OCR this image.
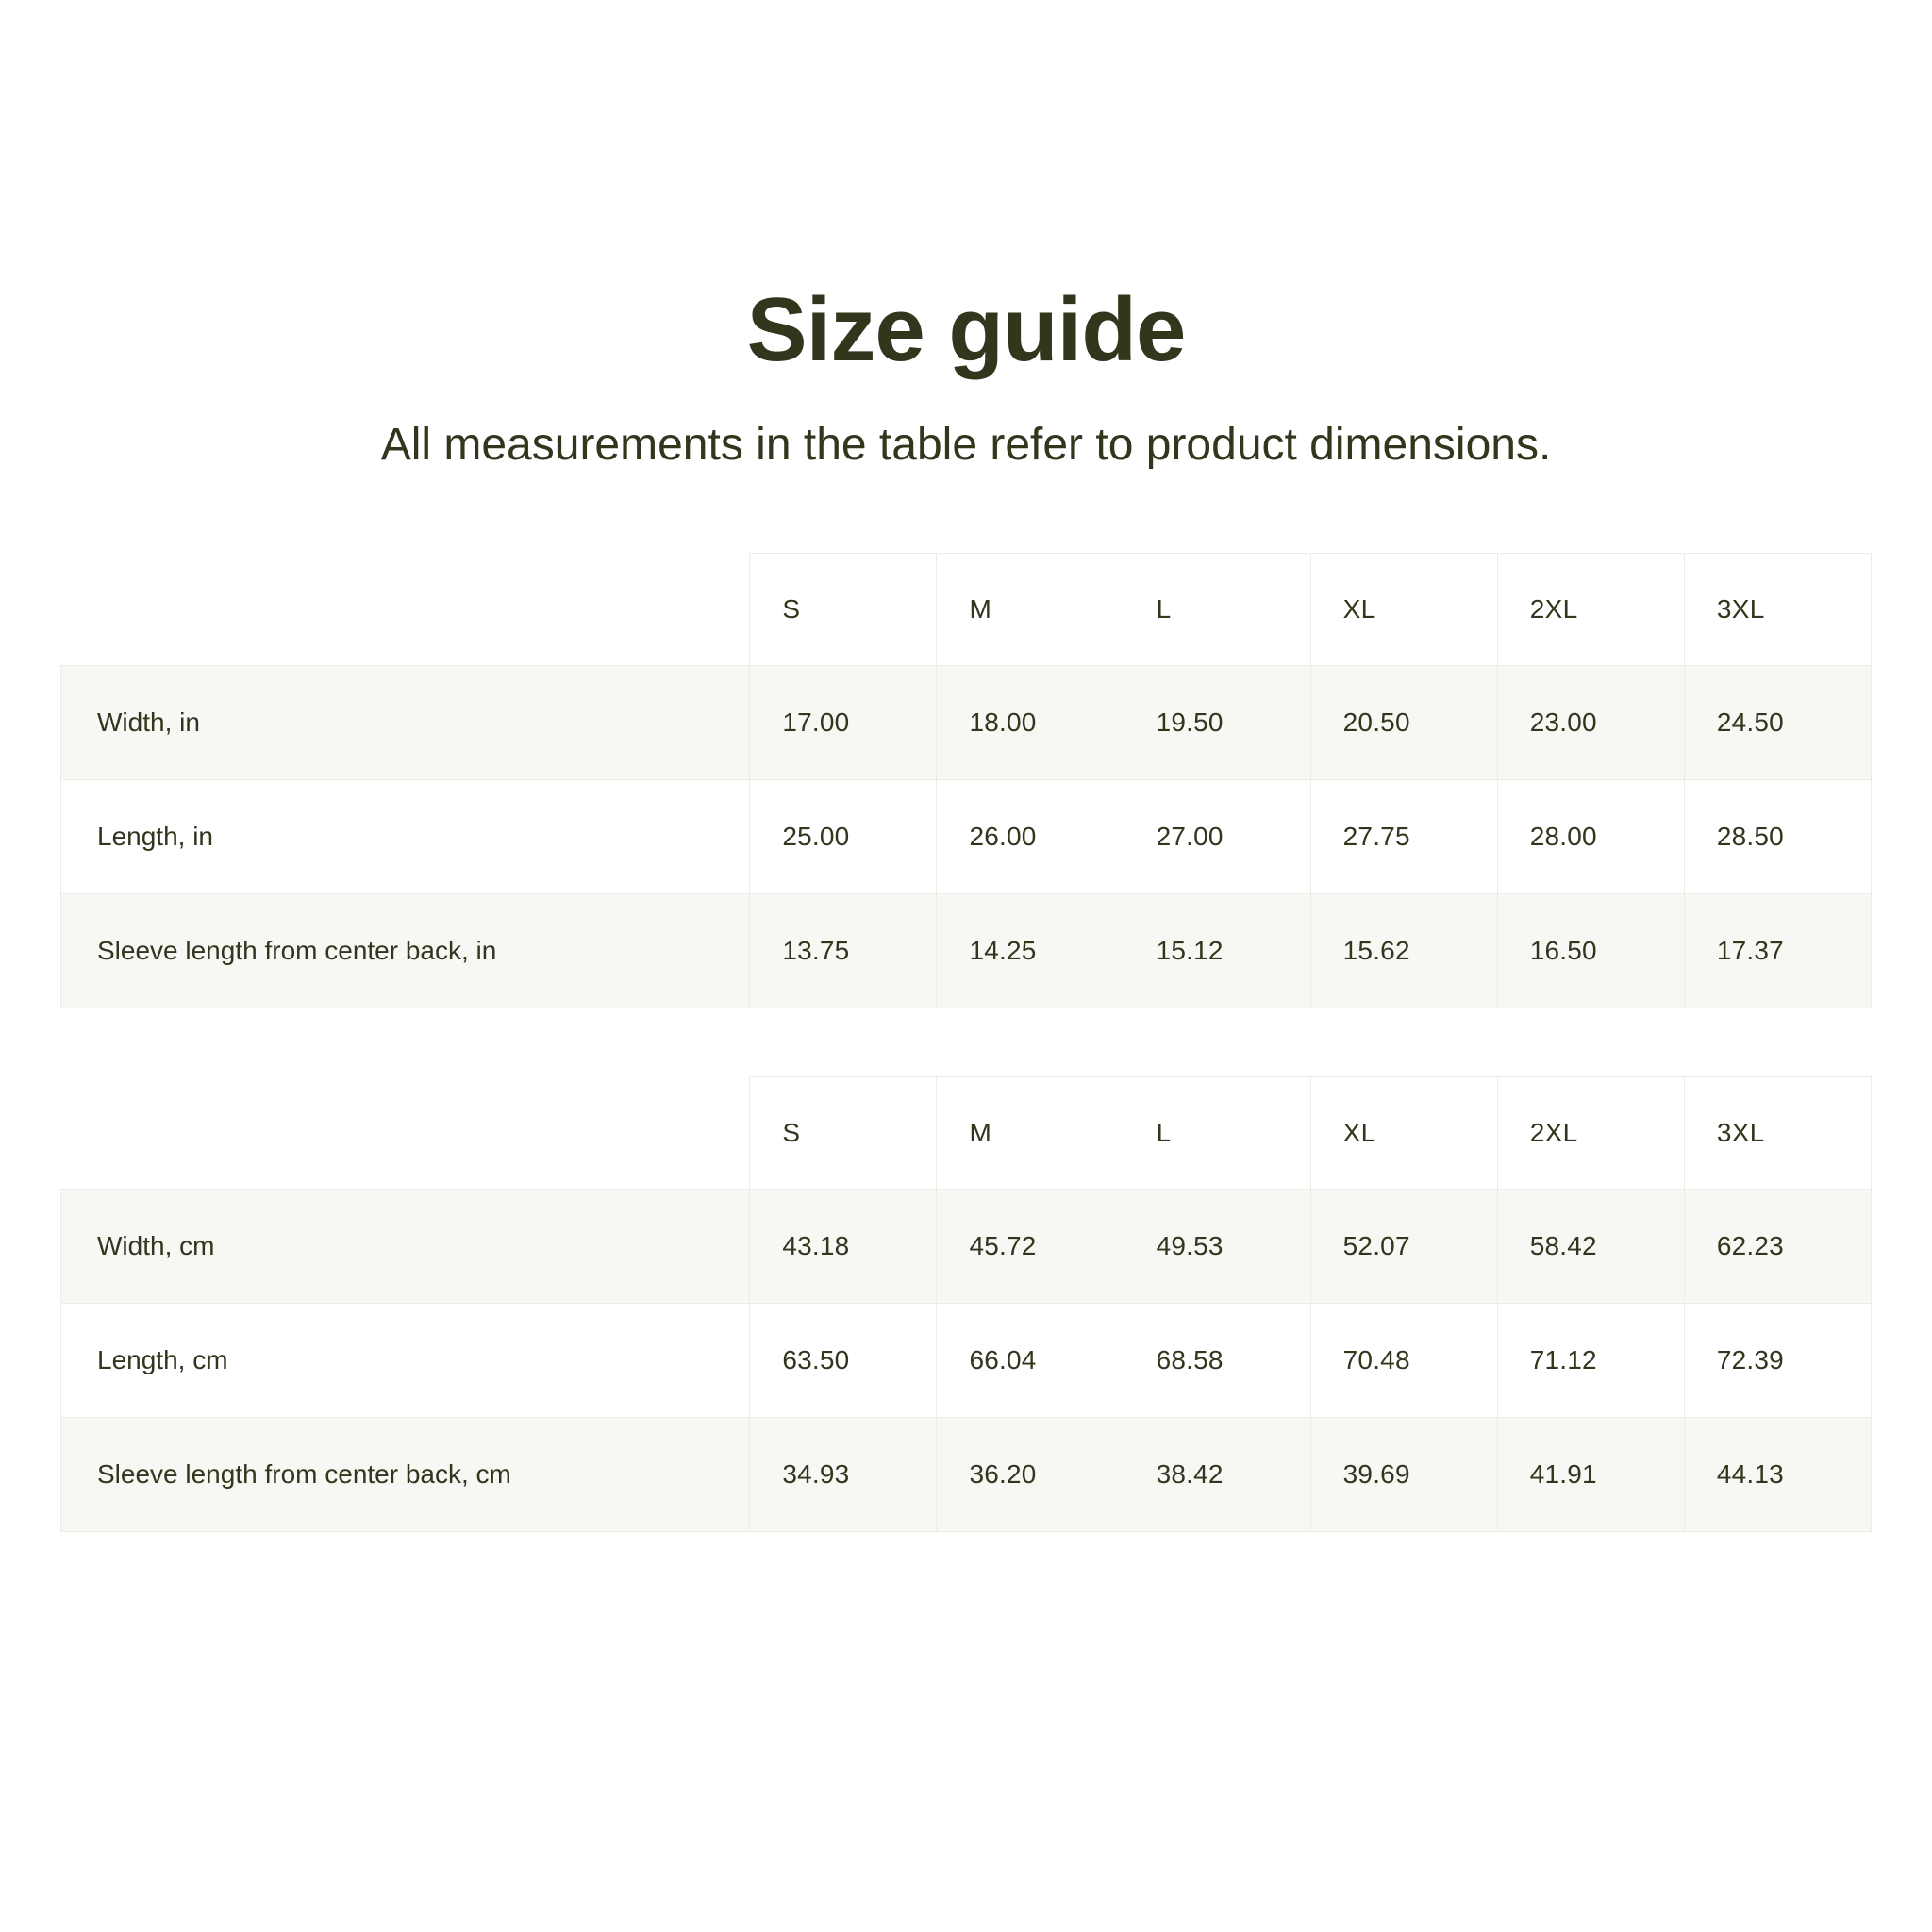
Size guide

All measurements in the table refer to product dimensions.

	S	M	L	XL	2XL	3XL
Width, in	17.00	18.00	19.50	20.50	23.00	24.50
Length, in	25.00	26.00	27.00	27.75	28.00	28.50
Sleeve length from center back, in	13.75	14.25	15.12	15.62	16.50	17.37
	S	M	L	XL	2XL	3XL
Width, cm	43.18	45.72	49.53	52.07	58.42	62.23
Length, cm	63.50	66.04	68.58	70.48	71.12	72.39
Sleeve length from center back, cm	34.93	36.20	38.42	39.69	41.91	44.13
